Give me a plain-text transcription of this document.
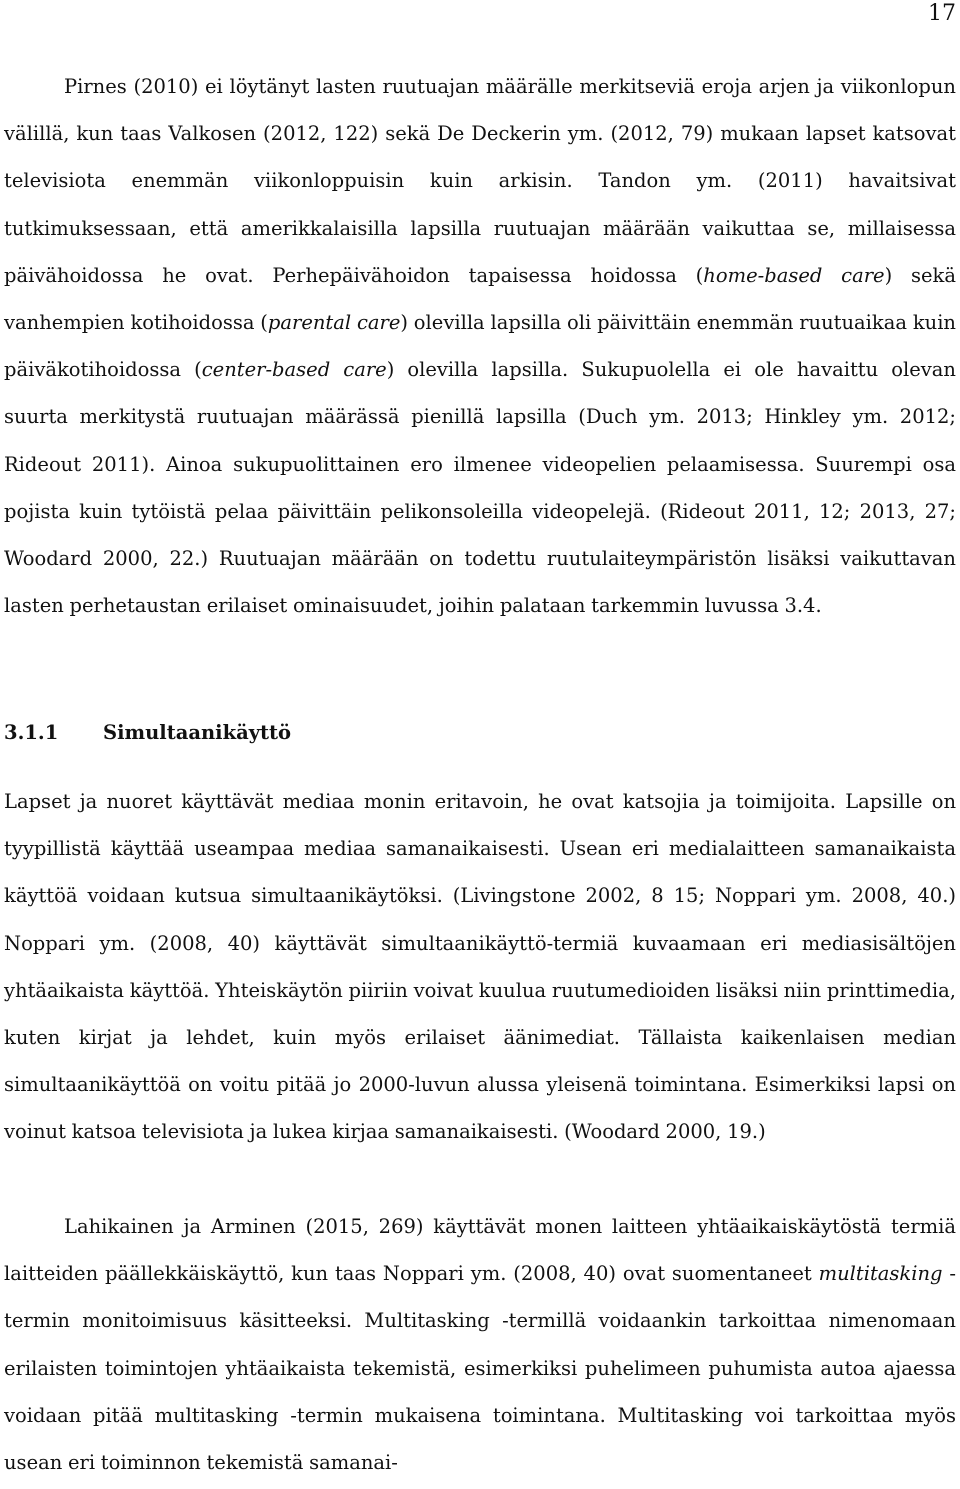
17

Pirnes (2010) ei löytänyt lasten ruutuajan määrälle merkitseviä eroja arjen ja viikonlopun välillä, kun taas Valkosen (2012, 122) sekä De Deckerin ym. (2012, 79) mukaan lapset katsovat televisiota enemmän viikonloppuisin kuin arkisin. Tandon ym. (2011) havaitsivat tutkimuksessaan, että amerikkalaisilla lapsilla ruutuajan määrään vaikuttaa se, millaisessa päivähoidossa he ovat. Perhepäivähoidon tapaisessa hoidossa (home-based care) sekä vanhempien kotihoidossa (parental care) olevilla lapsilla oli päivittäin enemmän ruutuaikaa kuin päiväkotihoidossa (center-based care) olevilla lapsilla. Sukupuolella ei ole havaittu olevan suurta merkitystä ruutuajan määrässä pienillä lapsilla (Duch ym. 2013; Hinkley ym. 2012; Rideout 2011). Ainoa sukupuolittainen ero ilmenee videopelien pelaamisessa. Suurempi osa pojista kuin tytöistä pelaa päivittäin pelikonsoleilla videopelejä. (Rideout 2011, 12; 2013, 27; Woodard 2000, 22.) Ruutuajan määrään on todettu ruutulaiteympäristön lisäksi vaikuttavan lasten perhetaustan erilaiset ominaisuudet, joihin palataan tarkemmin luvussa 3.4.

3.1.1 Simultaanikäyttö

Lapset ja nuoret käyttävät mediaa monin eritavoin, he ovat katsojia ja toimijoita. Lapsille on tyypillistä käyttää useampaa mediaa samanaikaisesti. Usean eri medialaitteen samanaikaista käyttöä voidaan kutsua simultaanikäytöksi. (Livingstone 2002, 8 15; Noppari ym. 2008, 40.) Noppari ym. (2008, 40) käyttävät simultaanikäyttö-termiä kuvaamaan eri mediasisältöjen yhtäaikaista käyttöä. Yhteiskäytön piiriin voivat kuulua ruutumedioiden lisäksi niin printtimedia, kuten kirjat ja lehdet, kuin myös erilaiset äänimediat. Tällaista kaikenlaisen median simultaanikäyttöä on voitu pitää jo 2000-luvun alussa yleisenä toimintana. Esimerkiksi lapsi on voinut katsoa televisiota ja lukea kirjaa samanaikaisesti. (Woodard 2000, 19.)

Lahikainen ja Arminen (2015, 269) käyttävät monen laitteen yhtäaikaiskäytöstä termiä laitteiden päällekkäiskäyttö, kun taas Noppari ym. (2008, 40) ovat suomentaneet multitasking -termin monitoimisuus käsitteeksi. Multitasking -termillä voidaankin tarkoittaa nimenomaan erilaisten toimintojen yhtäaikaista tekemistä, esimerkiksi puhelimeen puhumista autoa ajaessa voidaan pitää multitasking -termin mukaisena toimintana. Multitasking voi tarkoittaa myös usean eri toiminnon tekemistä samanai-
